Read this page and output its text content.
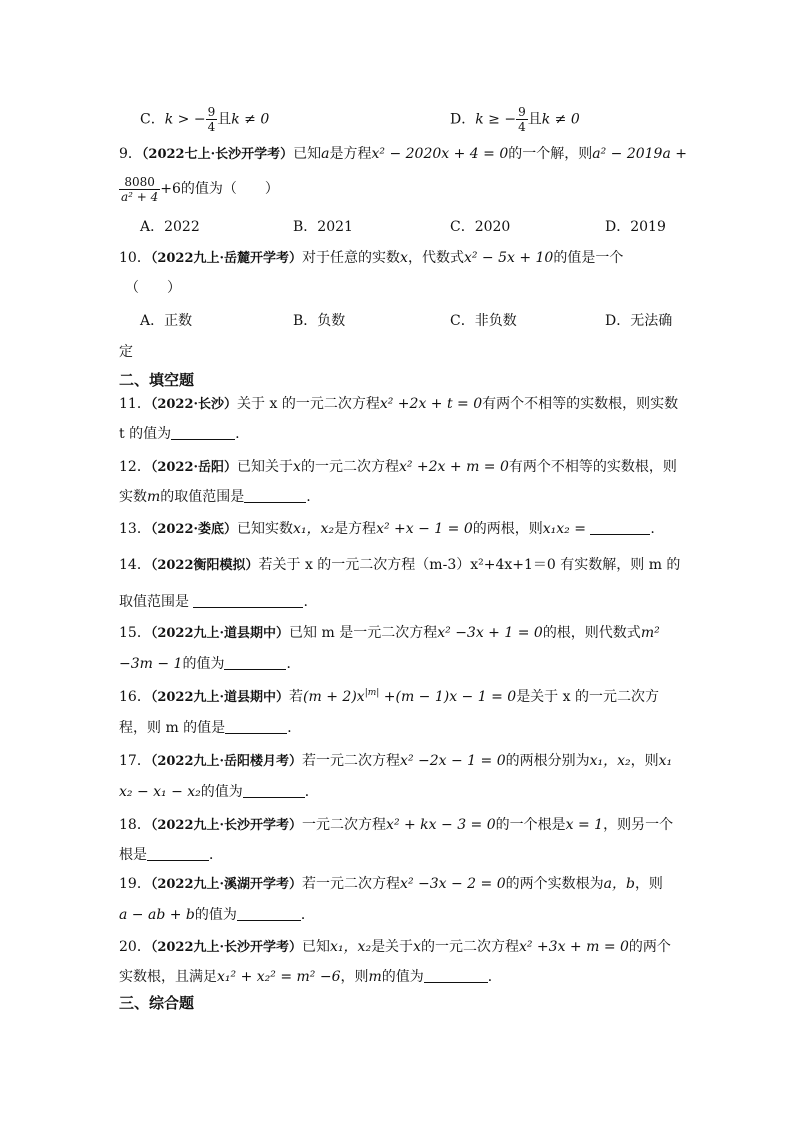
C．k > − $\frac{9}{4}$ 且k ≠ 0	D．k ≥ − $\frac{9}{4}$ 且k ≠ 0
9．（2022七上·长沙开学考）已知a是方程x² − 2020x + 4 = 0的一个解，则a² − 2019a +
$\frac{8080}{\text{a² + 4}} +6$的值为（　　）
A．2022	B．2021	C．2020	D．2019
10．（2022九上·岳麓开学考）对于任意的实数x，代数式x² − 5x + 10的值是一个
（　　）
A．正数	B．负数	C．非负数	D．无法确
定
二、填空题
11．（2022·长沙）关于 x 的一元二次方程x² +2x + t = 0有两个不相等的实数根，则实数
t 的值为	.
12．（2022·岳阳）已知关于x的一元二次方程x² +2x + m = 0有两个不相等的实数根，则
实数m的取值范围是	.
13．（2022·娄底）已知实数x₁，x₂是方程x² +x − 1 = 0的两根，则x₁x₂ =	.
14．（2022衡阳模拟）若关于 x 的一元二次方程（m-3）x²+4x+1＝0 有实数解，则 m 的
取值范围是	.
15．（2022九上·道县期中）已知 m 是一元二次方程x² −3x + 1 = 0的根，则代数式m²
−3m − 1的值为	．
16．（2022九上·道县期中）若$(m + 2)x^{|m|} +(m - 1)x - 1 = 0$是关于 x 的一元二次方
程，则 m 的值是	．
17．（2022九上·岳阳楼月考）若一元二次方程x² −2x − 1 = 0的两根分别为x₁，x₂，则x₁
x₂ − x₁ − x₂的值为	．
18．（2022九上·长沙开学考）一元二次方程x² + kx − 3 = 0的一个根是x = 1，则另一个
根是	．
19．（2022九上·溪湖开学考）若一元二次方程x² −3x − 2 = 0的两个实数根为a，b，则
a − ab + b的值为	．
20．（2022九上·长沙开学考）已知x₁，x₂是关于x的一元二次方程x² +3x + m = 0的两个
实数根，且满足x₁² + x₂² = m² −6，则m的值为	．
三、综合题
